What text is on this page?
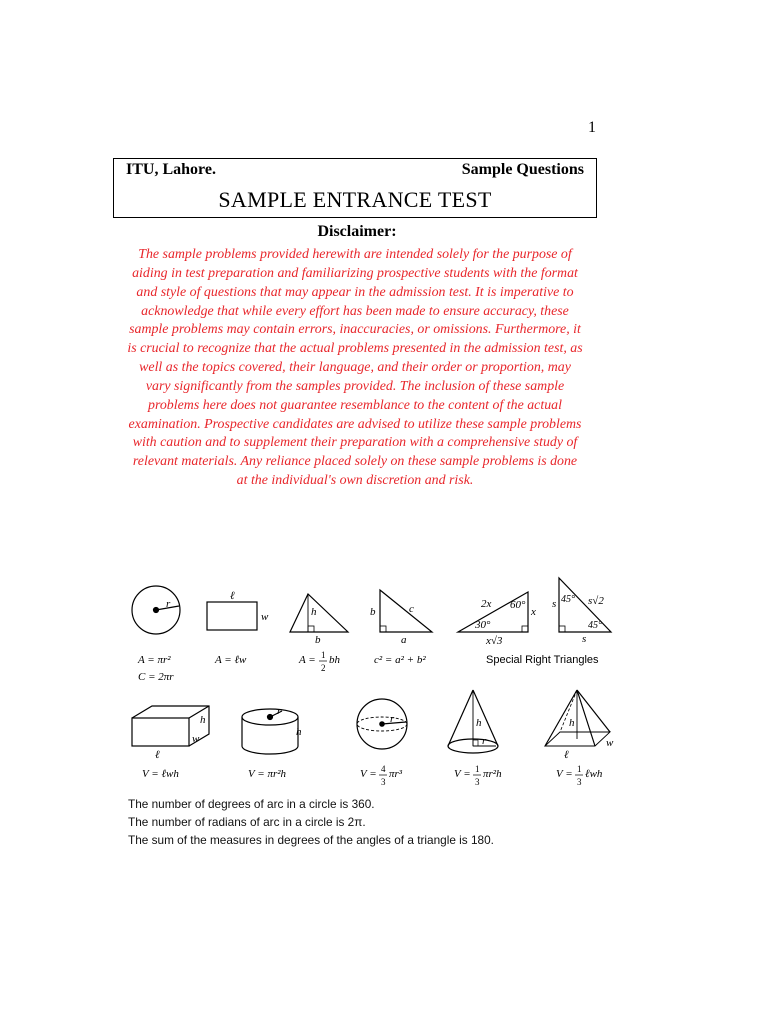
1
ITU, Lahore.	Sample Questions
SAMPLE ENTRANCE TEST
Disclaimer:
The sample problems provided herewith are intended solely for the purpose of
aiding in test preparation and familiarizing prospective students with the format
and style of questions that may appear in the admission test. It is imperative to
acknowledge that while every effort has been made to ensure accuracy, these
sample problems may contain errors, inaccuracies, or omissions. Furthermore, it
is crucial to recognize that the actual problems presented in the admission test, as
well as the topics covered, their language, and their order or proportion, may
vary significantly from the samples provided. The inclusion of these sample
problems here does not guarantee resemblance to the content of the actual
examination. Prospective candidates are advised to utilize these sample problems
with caution and to supplement their preparation with a comprehensive study of
relevant materials. Any reliance placed solely on these sample problems is done
at the individual's own discretion and risk.
r
A = πr²
C = 2πr
ℓ
w
A = ℓw
h
b
A = 1
2
bh
b	c
a
c² = a² + b²
2x 60°
x
30°
x√3
s 45° s√2
45°
s
Special Right Triangles
h
w
ℓ
V = ℓwh
r
h
V = πr²h
r
V = 4
3
πr³
h
r
V = 1
3
πr²h
h
w
ℓ
V = 1
3
ℓwh
The number of degrees of arc in a circle is 360.
The number of radians of arc in a circle is 2π.
The sum of the measures in degrees of the angles of a triangle is 180.
